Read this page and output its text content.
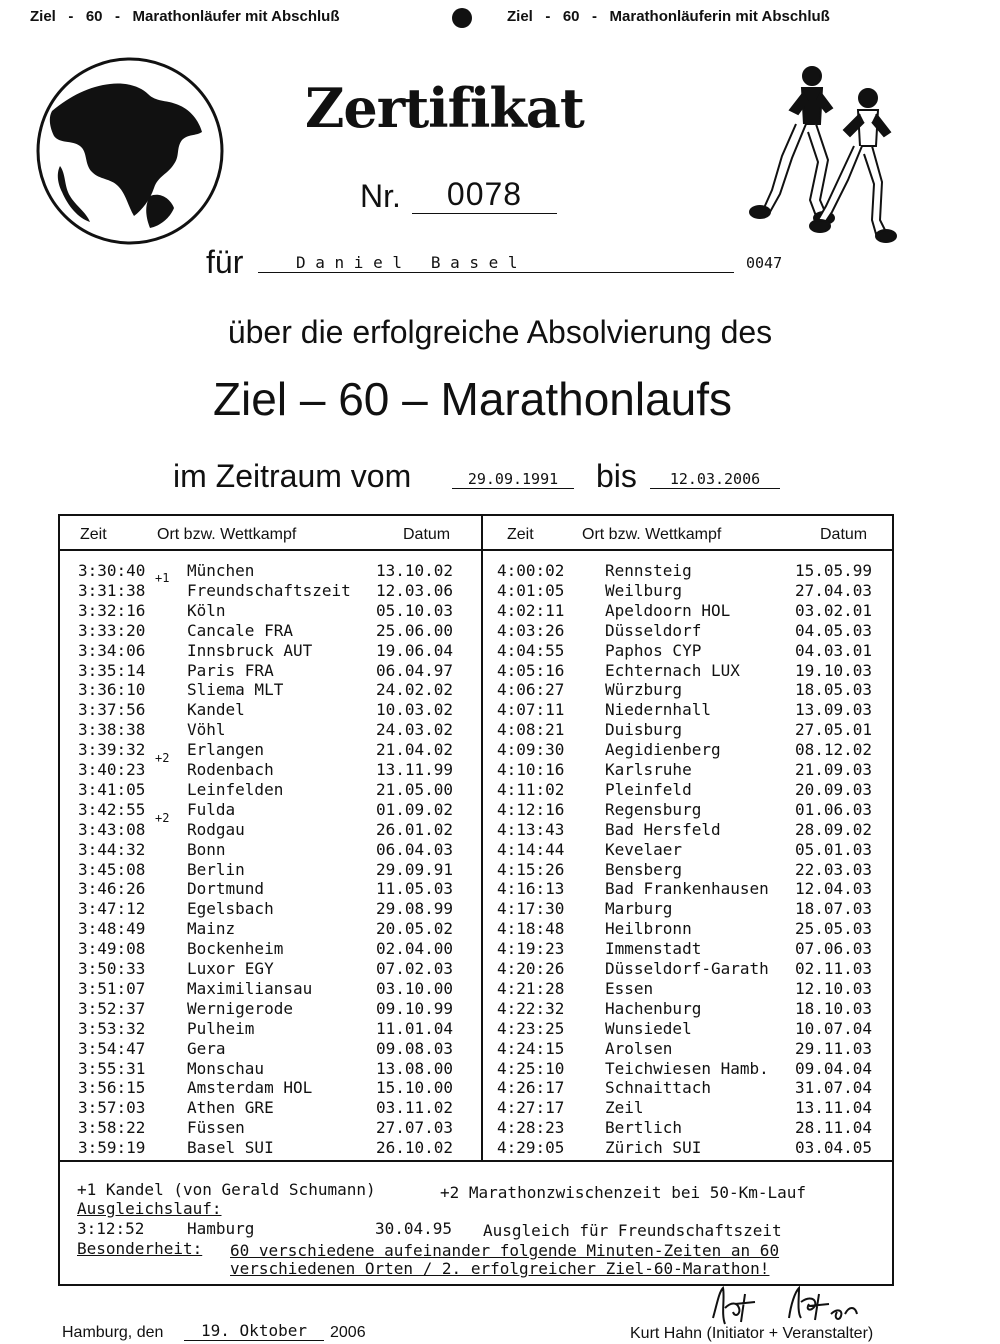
Ziel   -   60   -   Marathonläufer mit Abschluß	Ziel   -   60   -   Marathonläuferin mit Abschluß
Zertifikat
Nr.	0078
für	D a n i e l   B a s e l	0047
über die erfolgreiche Absolvierung des
Ziel – 60 – Marathonlaufs
im Zeitraum vom	29.09.1991	bis	12.03.2006
Zeit	Ort bzw. Wettkampf	Datum	Zeit	Ort bzw. Wettkampf	Datum
3:30:40	München	13.10.02
3:31:38	Freundschaftszeit 12.03.06
3:32:16	Köln	05.10.03
3:33:20	Cancale FRA	25.06.00
3:34:06	Innsbruck AUT	19.06.04
3:35:14	Paris FRA	06.04.97
3:36:10	Sliema MLT	24.02.02
3:37:56	Kandel	10.03.02
3:38:38	Vöhl	24.03.02
3:39:32	Erlangen	21.04.02
3:40:23	Rodenbach	13.11.99
3:41:05	Leinfelden	21.05.00
3:42:55	Fulda	01.09.02
3:43:08	Rodgau	26.01.02
3:44:32	Bonn	06.04.03
3:45:08	Berlin	29.09.91
3:46:26	Dortmund	11.05.03
3:47:12	Egelsbach	29.08.99
3:48:49	Mainz	20.05.02
3:49:08	Bockenheim	02.04.00
3:50:33	Luxor EGY	07.02.03
3:51:07	Maximiliansau	03.10.00
3:52:37	Wernigerode	09.10.99
3:53:32	Pulheim	11.01.04
3:54:47	Gera	09.08.03
3:55:31	Monschau	13.08.00
3:56:15	Amsterdam HOL	15.10.00
3:57:03	Athen GRE	03.11.02
3:58:22	Füssen	27.07.03
3:59:19	Basel SUI	26.10.02
4:00:02	Rennsteig	15.05.99
4:01:05	Weilburg	27.04.03
4:02:11	Apeldoorn HOL	03.02.01
4:03:26	Düsseldorf	04.05.03
4:04:55	Paphos CYP	04.03.01
4:05:16	Echternach LUX	19.10.03
4:06:27	Würzburg	18.05.03
4:07:11	Niedernhall	13.09.03
4:08:21	Duisburg	27.05.01
4:09:30	Aegidienberg	08.12.02
4:10:16	Karlsruhe	21.09.03
4:11:02	Pleinfeld	20.09.03
4:12:16	Regensburg	01.06.03
4:13:43	Bad Hersfeld	28.09.02
4:14:44	Kevelaer	05.01.03
4:15:26	Bensberg	22.03.03
4:16:13	Bad Frankenhausen 12.04.03
4:17:30	Marburg	18.07.03
4:18:48	Heilbronn	25.05.03
4:19:23	Immenstadt	07.06.03
4:20:26	Düsseldorf-Garath 02.11.03
4:21:28	Essen	12.10.03
4:22:32	Hachenburg	18.10.03
4:23:25	Wunsiedel	10.07.04
4:24:15	Arolsen	29.11.03
4:25:10	Teichwiesen Hamb. 09.04.04
4:26:17	Schnaittach	31.07.04
4:27:17	Zeil	13.11.04
4:28:23	Bertlich	28.11.04
4:29:05	Zürich SUI	03.04.05
+1
+2
+2
+1 Kandel (von Gerald Schumann)	+2 Marathonzwischenzeit bei 50-Km-Lauf
Ausgleichslauf:
3:12:52	Hamburg	30.04.95 Ausgleich für Freundschaftszeit
Besonderheit: 60 verschiedene aufeinander folgende Minuten-Zeiten an 60
verschiedenen Orten / 2. erfolgreicher Ziel-60-Marathon!
Hamburg, den	19. Oktober	2006	Kurt Hahn (Initiator + Veranstalter)
